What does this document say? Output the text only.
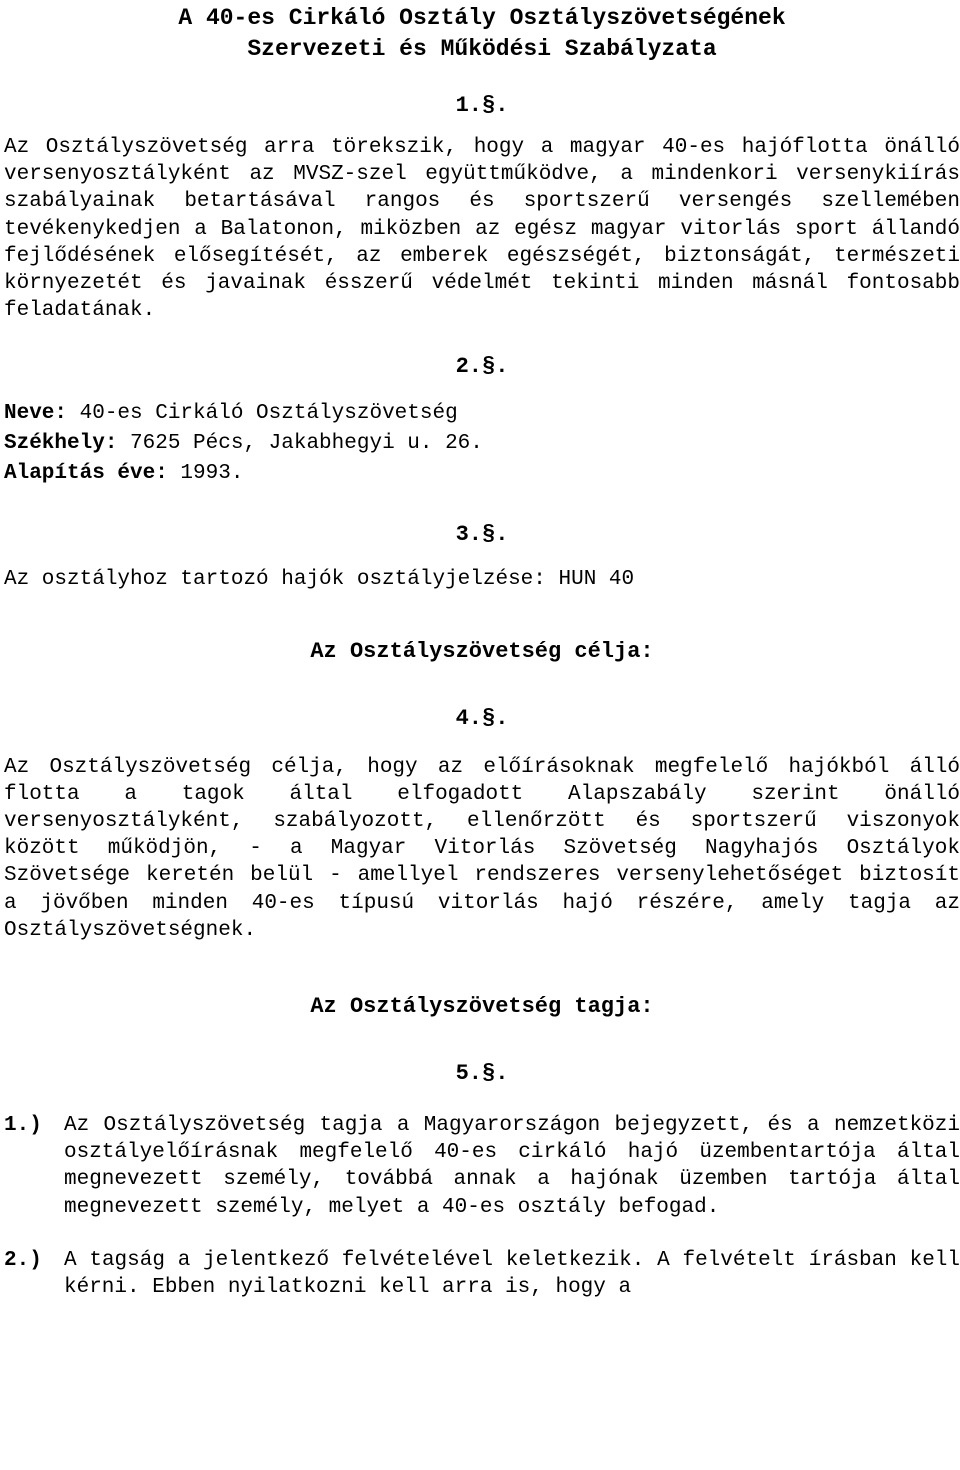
A 40-es Cirkáló Osztály Osztályszövetségének
Szervezeti és Működési Szabályzata
1.§.
Az Osztályszövetség arra törekszik, hogy a magyar 40-es hajóflotta önálló versenyosztályként az MVSZ-szel együttműködve, a mindenkori versenykiírás szabályainak betartásával rangos és sportszerű versengés szellemében tevékenykedjen a Balatonon, miközben az egész magyar vitorlás sport állandó fejlődésének elősegítését, az emberek egészségét, biztonságát, természeti környezetét és javainak ésszerű védelmét tekinti minden másnál fontosabb feladatának.
2.§.
Neve: 40-es Cirkáló Osztályszövetség
Székhely: 7625 Pécs, Jakabhegyi u. 26.
Alapítás éve: 1993.
3.§.
Az osztályhoz tartozó hajók osztályjelzése: HUN 40
Az Osztályszövetség célja:
4.§.
Az Osztályszövetség célja, hogy az előírásoknak megfelelő hajókból álló flotta a tagok által elfogadott Alapszabály szerint önálló versenyosztályként, szabályozott, ellenőrzött és sportszerű viszonyok között működjön, - a Magyar Vitorlás Szövetség Nagyhajós Osztályok Szövetsége keretén belül - amellyel rendszeres versenylehetőséget biztosít a jövőben minden 40-es típusú vitorlás hajó részére, amely tagja az Osztályszövetségnek.
Az Osztályszövetség tagja:
5.§.
1.)	Az Osztályszövetség tagja a Magyarországon bejegyzett, és a nemzetközi osztályelőírásnak megfelelő 40-es cirkáló hajó üzembentartója által megnevezett személy, továbbá annak a hajónak üzemben tartója által megnevezett személy, melyet a 40-es osztály befogad.
2.)	A tagság a jelentkező felvételével keletkezik. A felvételt írásban kell kérni. Ebben nyilatkozni kell arra is, hogy a
